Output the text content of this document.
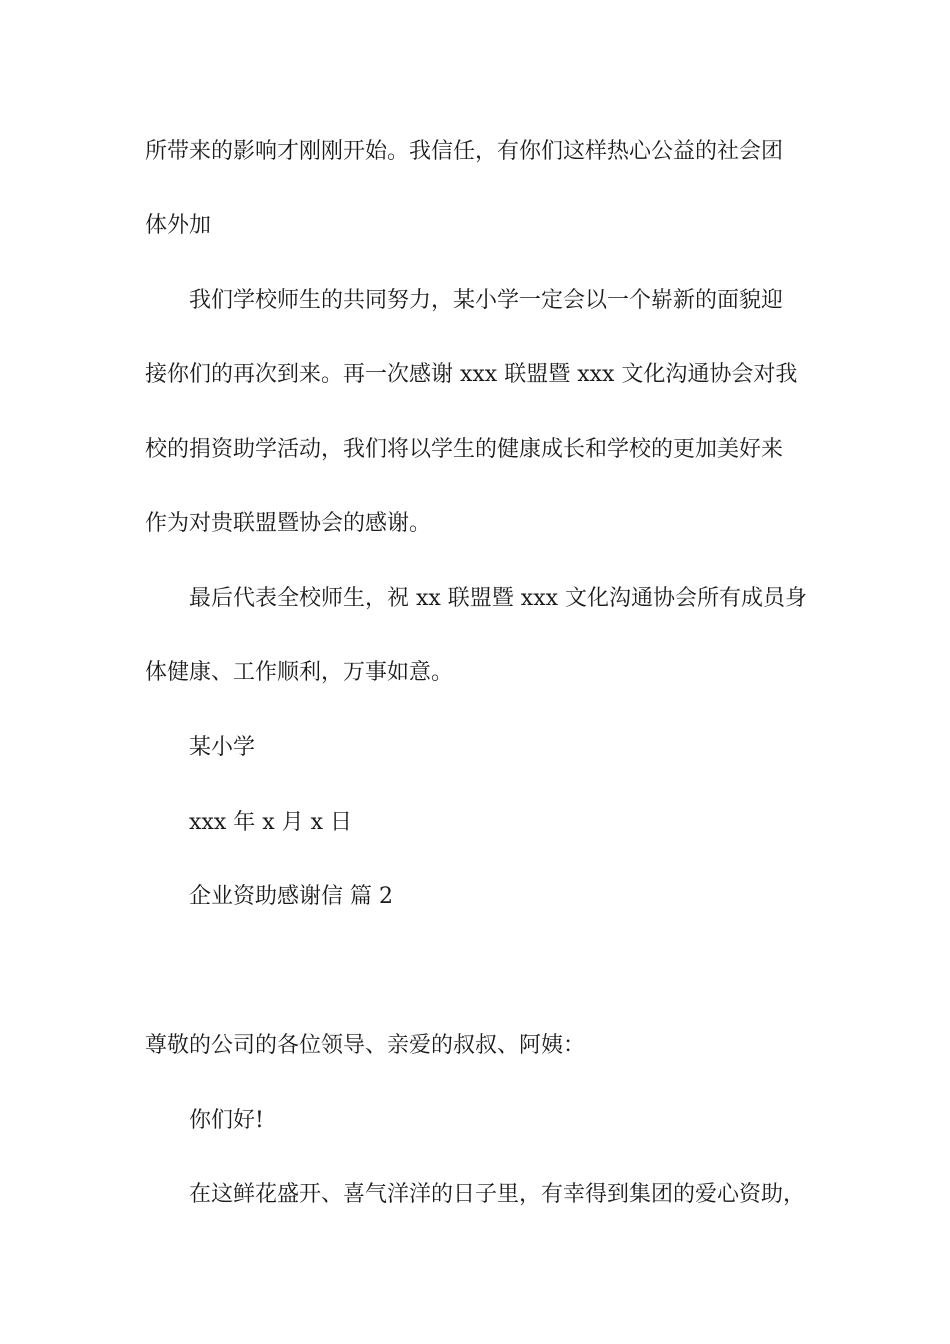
所带来的影响才刚刚开始。我信任，有你们这样热心公益的社会团
体外加
我们学校师生的共同努力，某小学一定会以一个崭新的面貌迎
接你们的再次到来。再一次感谢 xxx 联盟暨 xxx 文化沟通协会对我
校的捐资助学活动，我们将以学生的健康成长和学校的更加美好来
作为对贵联盟暨协会的感谢。
最后代表全校师生，祝 xx 联盟暨 xxx 文化沟通协会所有成员身
体健康、工作顺利，万事如意。
某小学
xxx 年 x 月 x 日
企业资助感谢信 篇 2
尊敬的公司的各位领导、亲爱的叔叔、阿姨：
你们好!
在这鲜花盛开、喜气洋洋的日子里，有幸得到集团的爱心资助，
